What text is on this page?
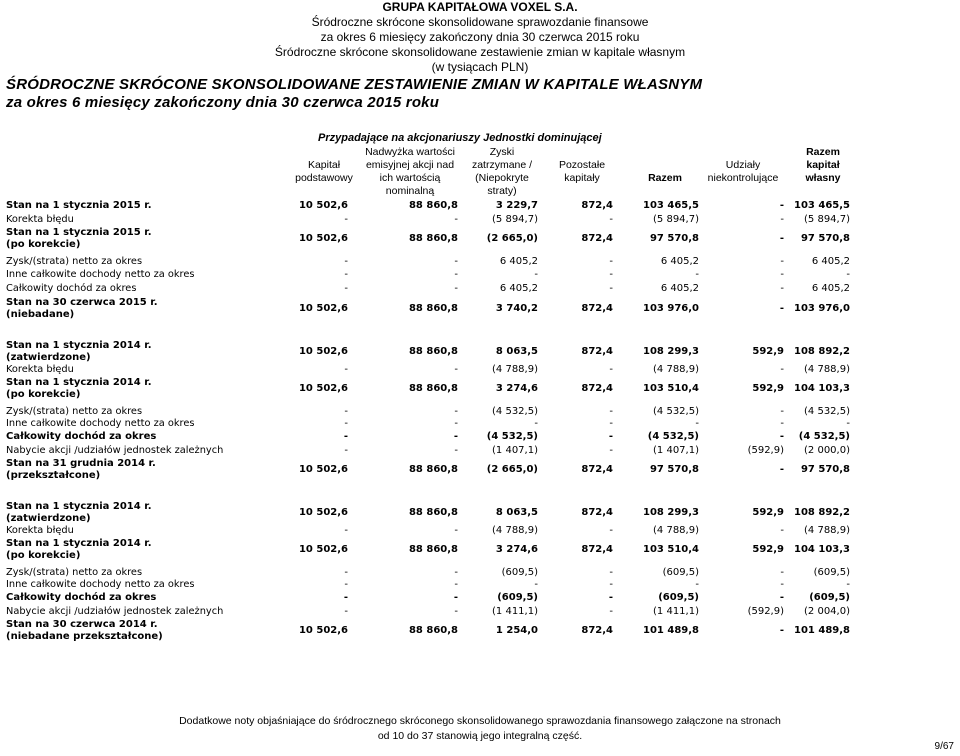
GRUPA KAPITAŁOWA VOXEL S.A.
Śródroczne skrócone skonsolidowane sprawozdanie finansowe
za okres 6 miesięcy zakończony dnia 30 czerwca 2015 roku
Śródroczne skrócone skonsolidowane zestawienie zmian w kapitale własnym
(w tysiącach PLN)
ŚRÓDROCZNE SKRÓCONE SKONSOLIDOWANE ZESTAWIENIE ZMIAN W KAPITALE WŁASNYM
za okres 6 miesięcy zakończony dnia 30 czerwca 2015 roku
Przypadające na akcjonariuszy Jednostki dominującej

Kapitał
podstawowy

Nadwyżka wartości
emisyjnej akcji nad
ich wartością
nominalną
Zyski
zatrzymane /
(Niepokryte
straty)

Pozostałe
kapitały

	Razem

Udziały
niekontrolujące

Razem
kapitał
własny

Stan na 1 stycznia 2015 r.	10 502,6	88 860,8	3 229,7	872,4	103 465,5	-	103 465,5
Korekta błędu	-	-	(5 894,7)	-	(5 894,7)	-	(5 894,7)
Stan na 1 stycznia 2015 r.
(po korekcie)
10 502,6	88 860,8	(2 665,0)	872,4	97 570,8	-	97 570,8
Zysk/(strata) netto za okres	-	-	6 405,2	-	6 405,2	-	6 405,2
Inne całkowite dochody netto za okres	-	-	-	-	-	-	-
Całkowity dochód za okres	-	-	6 405,2	-	6 405,2	-	6 405,2
Stan na 30 czerwca 2015 r.
(niebadane)
10 502,6	88 860,8	3 740,2	872,4	103 976,0	-	103 976,0
Stan na 1 stycznia 2014 r.
(zatwierdzone)
10 502,6	88 860,8	8 063,5	872,4	108 299,3	592,9	108 892,2
Korekta błędu	-	-	(4 788,9)	-	(4 788,9)	-	(4 788,9)
Stan na 1 stycznia 2014 r.
(po korekcie)
10 502,6	88 860,8	3 274,6	872,4	103 510,4	592,9	104 103,3
Zysk/(strata) netto za okres	-	-	(4 532,5)	-	(4 532,5)	-	(4 532,5)
Inne całkowite dochody netto za okres	-	-	-	-	-	-	-
Całkowity dochód za okres	-	-	(4 532,5)	-	(4 532,5)	-	(4 532,5)
Nabycie akcji /udziałów jednostek zależnych	-	-	(1 407,1)	-	(1 407,1)	(592,9)	(2 000,0)
Stan na 31 grudnia 2014 r.
(przekształcone)
10 502,6	88 860,8	(2 665,0)	872,4	97 570,8	-	97 570,8
Stan na 1 stycznia 2014 r.
(zatwierdzone)
10 502,6	88 860,8	8 063,5	872,4	108 299,3	592,9	108 892,2
Korekta błędu	-	-	(4 788,9)	-	(4 788,9)	-	(4 788,9)
Stan na 1 stycznia 2014 r.
(po korekcie)
10 502,6	88 860,8	3 274,6	872,4	103 510,4	592,9	104 103,3
Zysk/(strata) netto za okres	-	-	(609,5)	-	(609,5)	-	(609,5)
Inne całkowite dochody netto za okres	-	-	-	-	-	-	-
Całkowity dochód za okres	-	-	(609,5)	-	(609,5)	-	(609,5)
Nabycie akcji /udziałów jednostek zależnych	-	-	(1 411,1)	-	(1 411,1)	(592,9)	(2 004,0)
Stan na 30 czerwca 2014 r.
(niebadane przekształcone)
10 502,6	88 860,8	1 254,0	872,4	101 489,8	-	101 489,8
Dodatkowe noty objaśniające do śródrocznego skróconego skonsolidowanego sprawozdania finansowego załączone na stronach
od 10 do 37 stanowią jego integralną część.
9/67
